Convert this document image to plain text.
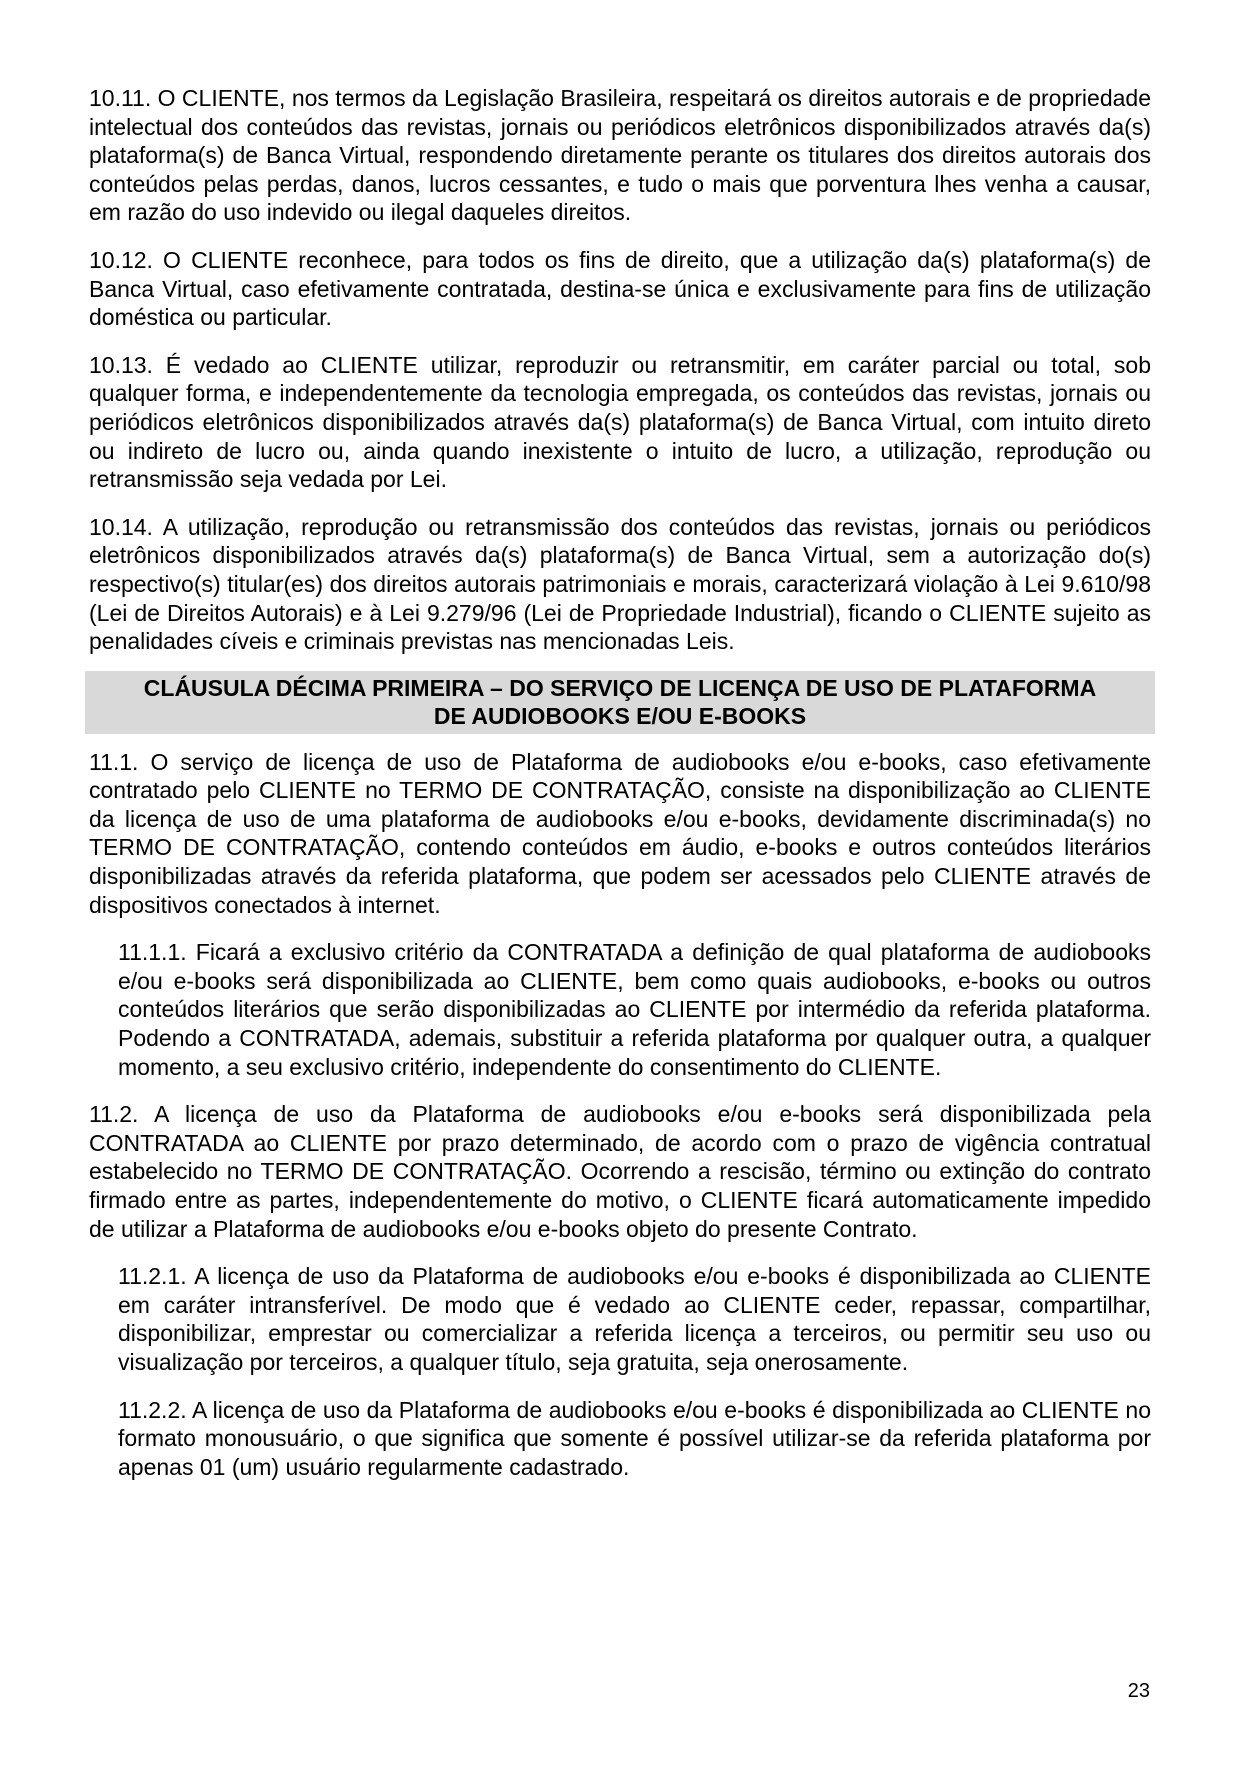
10.11. O CLIENTE, nos termos da Legislação Brasileira, respeitará os direitos autorais e de propriedade intelectual dos conteúdos das revistas, jornais ou periódicos eletrônicos disponibilizados através da(s) plataforma(s) de Banca Virtual, respondendo diretamente perante os titulares dos direitos autorais dos conteúdos pelas perdas, danos, lucros cessantes, e tudo o mais que porventura lhes venha a causar, em razão do uso indevido ou ilegal daqueles direitos.

10.12. O CLIENTE reconhece, para todos os fins de direito, que a utilização da(s) plataforma(s) de Banca Virtual, caso efetivamente contratada, destina-se única e exclusivamente para fins de utilização doméstica ou particular.

10.13. É vedado ao CLIENTE utilizar, reproduzir ou retransmitir, em caráter parcial ou total, sob qualquer forma, e independentemente da tecnologia empregada, os conteúdos das revistas, jornais ou periódicos eletrônicos disponibilizados através da(s) plataforma(s) de Banca Virtual, com intuito direto ou indireto de lucro ou, ainda quando inexistente o intuito de lucro, a utilização, reprodução ou retransmissão seja vedada por Lei.

10.14. A utilização, reprodução ou retransmissão dos conteúdos das revistas, jornais ou periódicos eletrônicos disponibilizados através da(s) plataforma(s) de Banca Virtual, sem a autorização do(s) respectivo(s) titular(es) dos direitos autorais patrimoniais e morais, caracterizará violação à Lei 9.610/98 (Lei de Direitos Autorais) e à Lei 9.279/96 (Lei de Propriedade Industrial), ficando o CLIENTE sujeito as penalidades cíveis e criminais previstas nas mencionadas Leis.

CLÁUSULA DÉCIMA PRIMEIRA – DO SERVIÇO DE LICENÇA DE USO DE PLATAFORMA
DE AUDIOBOOKS E/OU E-BOOKS

11.1. O serviço de licença de uso de Plataforma de audiobooks e/ou e-books, caso efetivamente contratado pelo CLIENTE no TERMO DE CONTRATAÇÃO, consiste na disponibilização ao CLIENTE da licença de uso de uma plataforma de audiobooks e/ou e-books, devidamente discriminada(s) no TERMO DE CONTRATAÇÃO, contendo conteúdos em áudio, e-books e outros conteúdos literários disponibilizadas através da referida plataforma, que podem ser acessados pelo CLIENTE através de dispositivos conectados à internet.

11.1.1. Ficará a exclusivo critério da CONTRATADA a definição de qual plataforma de audiobooks e/ou e-books será disponibilizada ao CLIENTE, bem como quais audiobooks, e-books ou outros conteúdos literários que serão disponibilizadas ao CLIENTE por intermédio da referida plataforma. Podendo a CONTRATADA, ademais, substituir a referida plataforma por qualquer outra, a qualquer momento, a seu exclusivo critério, independente do consentimento do CLIENTE.

11.2. A licença de uso da Plataforma de audiobooks e/ou e-books será disponibilizada pela CONTRATADA ao CLIENTE por prazo determinado, de acordo com o prazo de vigência contratual estabelecido no TERMO DE CONTRATAÇÃO. Ocorrendo a rescisão, término ou extinção do contrato firmado entre as partes, independentemente do motivo, o CLIENTE ficará automaticamente impedido de utilizar a Plataforma de audiobooks e/ou e-books objeto do presente Contrato.

11.2.1. A licença de uso da Plataforma de audiobooks e/ou e-books é disponibilizada ao CLIENTE em caráter intransferível. De modo que é vedado ao CLIENTE ceder, repassar, compartilhar, disponibilizar, emprestar ou comercializar a referida licença a terceiros, ou permitir seu uso ou visualização por terceiros, a qualquer título, seja gratuita, seja onerosamente.

11.2.2. A licença de uso da Plataforma de audiobooks e/ou e-books é disponibilizada ao CLIENTE no formato monousuário, o que significa que somente é possível utilizar-se da referida plataforma por apenas 01 (um) usuário regularmente cadastrado.

23
